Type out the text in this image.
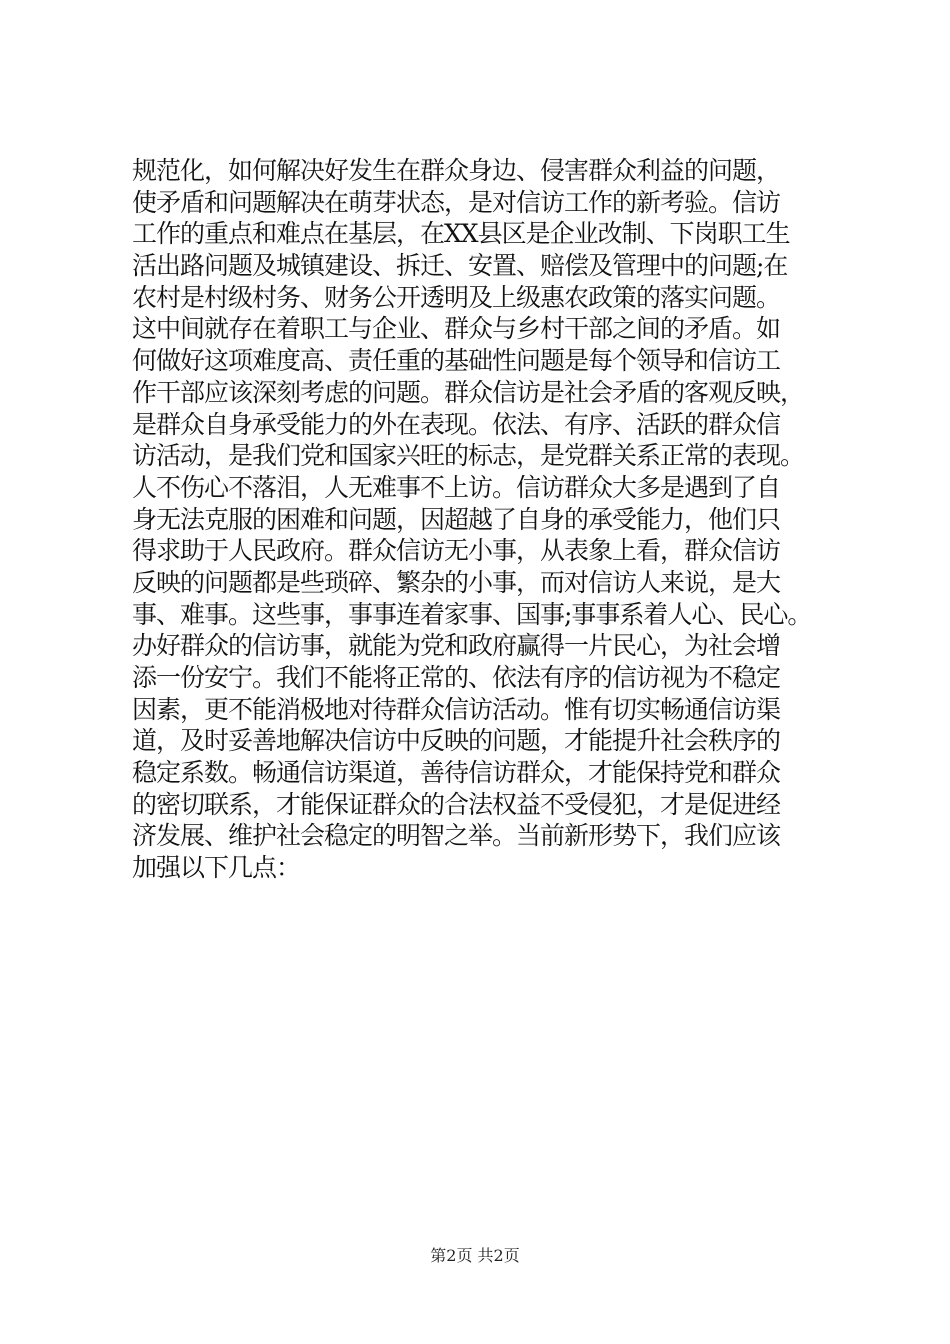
规范化，如何解决好发生在群众身边、侵害群众利益的问题，
使矛盾和问题解决在萌芽状态，是对信访工作的新考验。信访
工作的重点和难点在基层，在XX县区是企业改制、下岗职工生
活出路问题及城镇建设、拆迁、安置、赔偿及管理中的问题;在
农村是村级村务、财务公开透明及上级惠农政策的落实问题。
这中间就存在着职工与企业、群众与乡村干部之间的矛盾。如
何做好这项难度高、责任重的基础性问题是每个领导和信访工
作干部应该深刻考虑的问题。群众信访是社会矛盾的客观反映，
是群众自身承受能力的外在表现。依法、有序、活跃的群众信
访活动，是我们党和国家兴旺的标志，是党群关系正常的表现。
人不伤心不落泪，人无难事不上访。信访群众大多是遇到了自
身无法克服的困难和问题，因超越了自身的承受能力，他们只
得求助于人民政府。群众信访无小事，从表象上看，群众信访
反映的问题都是些琐碎、繁杂的小事，而对信访人来说，是大
事、难事。这些事，事事连着家事、国事;事事系着人心、民心。
办好群众的信访事，就能为党和政府赢得一片民心，为社会增
添一份安宁。我们不能将正常的、依法有序的信访视为不稳定
因素，更不能消极地对待群众信访活动。惟有切实畅通信访渠
道，及时妥善地解决信访中反映的问题，才能提升社会秩序的
稳定系数。畅通信访渠道，善待信访群众，才能保持党和群众
的密切联系，才能保证群众的合法权益不受侵犯，才是促进经
济发展、维护社会稳定的明智之举。当前新形势下，我们应该
加强以下几点：
第2页 共2页
